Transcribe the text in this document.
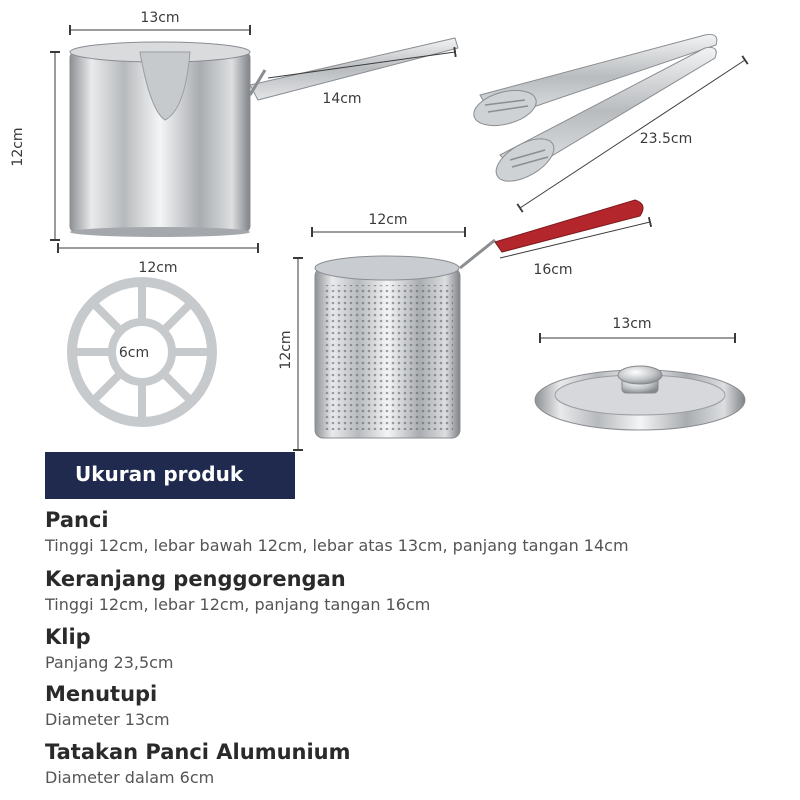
13cm
12cm
12cm
14cm
23.5cm
12cm
12cm
16cm
6cm
13cm
Ukuran produk
Panci
Tinggi 12cm, lebar bawah 12cm, lebar atas 13cm, panjang tangan 14cm
Keranjang penggorengan
Tinggi 12cm, lebar 12cm, panjang tangan 16cm
Klip
Panjang 23,5cm
Menutupi
Diameter 13cm
Tatakan Panci Alumunium
Diameter dalam 6cm
